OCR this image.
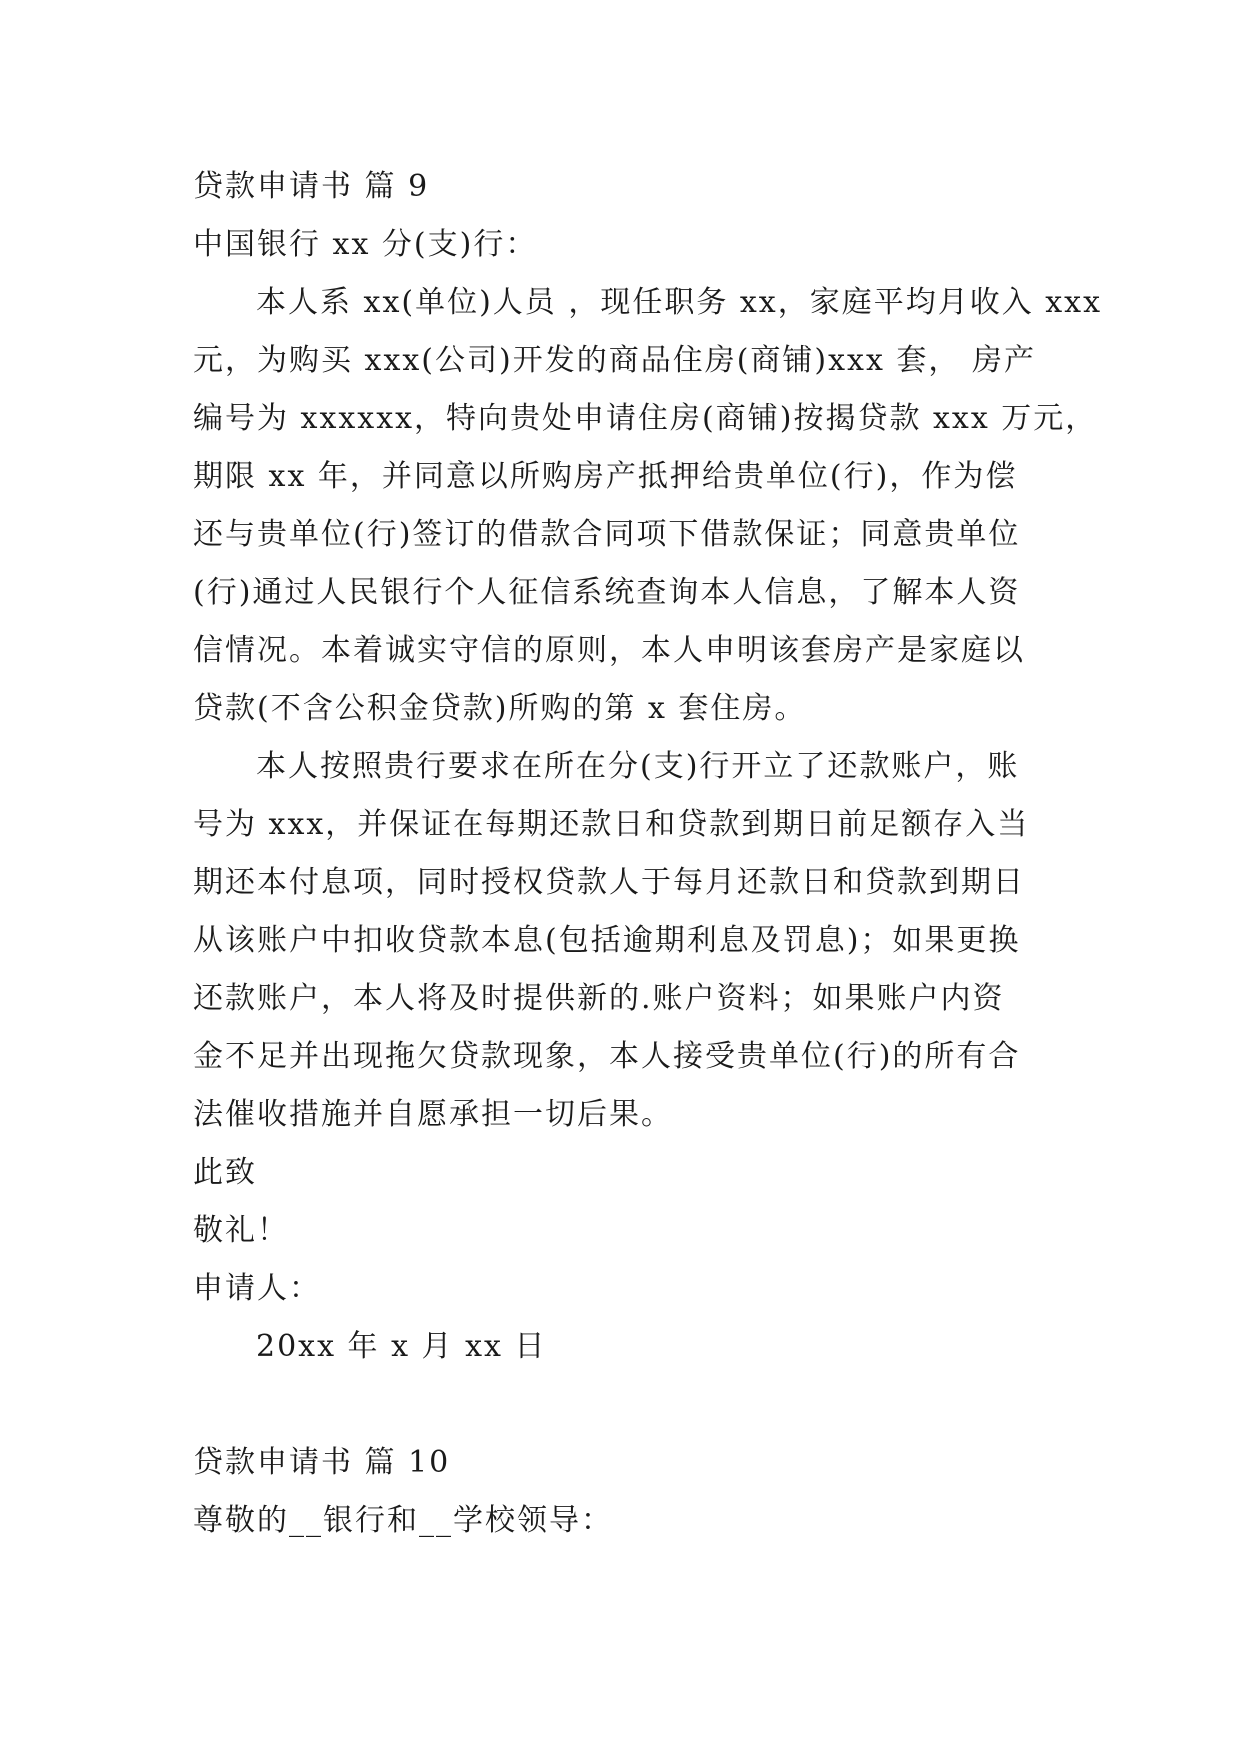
贷款申请书 篇 9
中国银行 xx 分(支)行：
本人系 xx(单位)人员 ，现任职务 xx，家庭平均月收入 xxx
元，为购买 xxx(公司)开发的商品住房(商铺)xxx 套， 房产
编号为 xxxxxx，特向贵处申请住房(商铺)按揭贷款 xxx 万元，
期限 xx 年，并同意以所购房产抵押给贵单位(行)，作为偿
还与贵单位(行)签订的借款合同项下借款保证；同意贵单位
(行)通过人民银行个人征信系统查询本人信息，了解本人资
信情况。本着诚实守信的原则，本人申明该套房产是家庭以
贷款(不含公积金贷款)所购的第 x 套住房。
本人按照贵行要求在所在分(支)行开立了还款账户，账
号为 xxx，并保证在每期还款日和贷款到期日前足额存入当
期还本付息项，同时授权贷款人于每月还款日和贷款到期日
从该账户中扣收贷款本息(包括逾期利息及罚息)；如果更换
还款账户，本人将及时提供新的.账户资料；如果账户内资
金不足并出现拖欠贷款现象，本人接受贵单位(行)的所有合
法催收措施并自愿承担一切后果。
此致
敬礼！
申请人：
20xx 年 x 月 xx 日
贷款申请书 篇 10
尊敬的__银行和__学校领导：
